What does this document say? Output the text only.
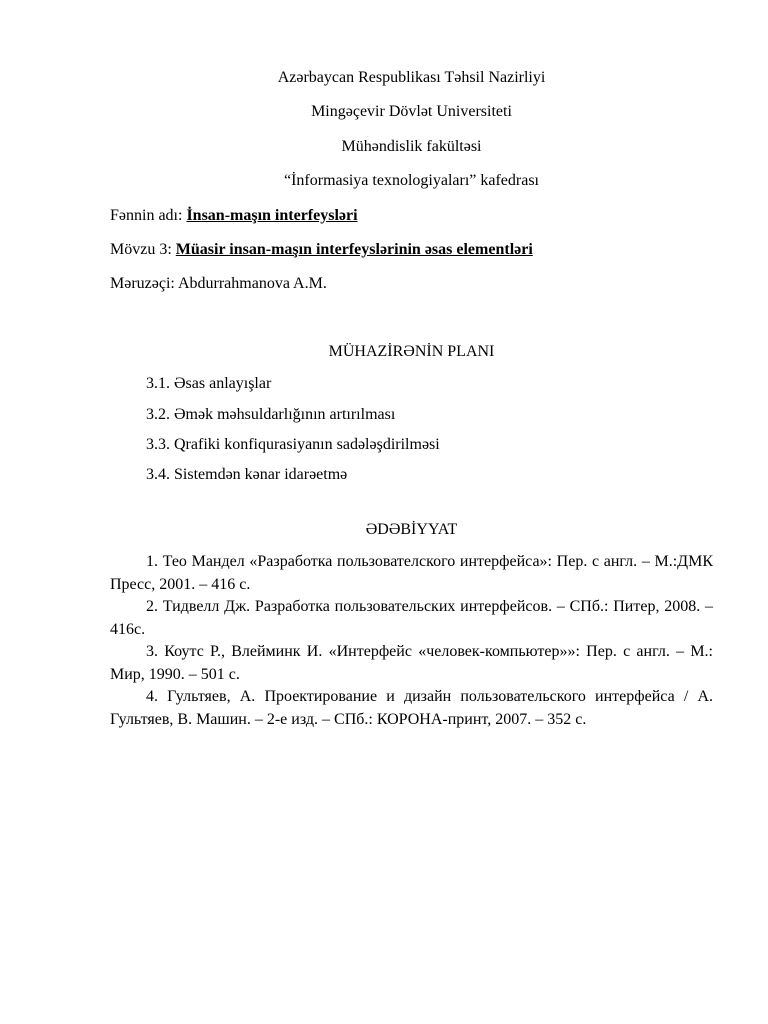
Azərbaycan Respublikası Təhsil Nazirliyi

Mingəçevir Dövlət Universiteti

Mühəndislik fakültəsi

“İnformasiya texnologiyaları” kafedrası

Fənnin adı: İnsan-maşın interfeysləri

Mövzu 3: Müasir insan-maşın interfeyslərinin əsas elementləri

Məruzəçi: Abdurrahmanova A.M.

MÜHAZİRƏNİN PLANI

3.1. Əsas anlayışlar
3.2. Əmək məhsuldarlığının artırılması
3.3. Qrafiki konfiqurasiyanın sadələşdirilməsi
3.4. Sistemdən kənar idarəetmə

ƏDƏBİYYAT

1. Тео Мандел «Разработка пользователского интерфейса»: Пер. с англ. – М.:ДМК Пресс, 2001. – 416 с.

2. Тидвелл Дж. Разработка пользовательских интерфейсов. – СПб.: Питер, 2008. – 416с.

3. Коутс Р., Влейминк И. «Интерфейс «человек-компьютер»»: Пер. с англ. – М.: Мир, 1990. – 501 с.

4. Гультяев, А. Проектирование и дизайн пользовательского интерфейса / А. Гультяев, В. Машин. – 2-е изд. – СПб.: КОРОНА-принт, 2007. – 352 с.
